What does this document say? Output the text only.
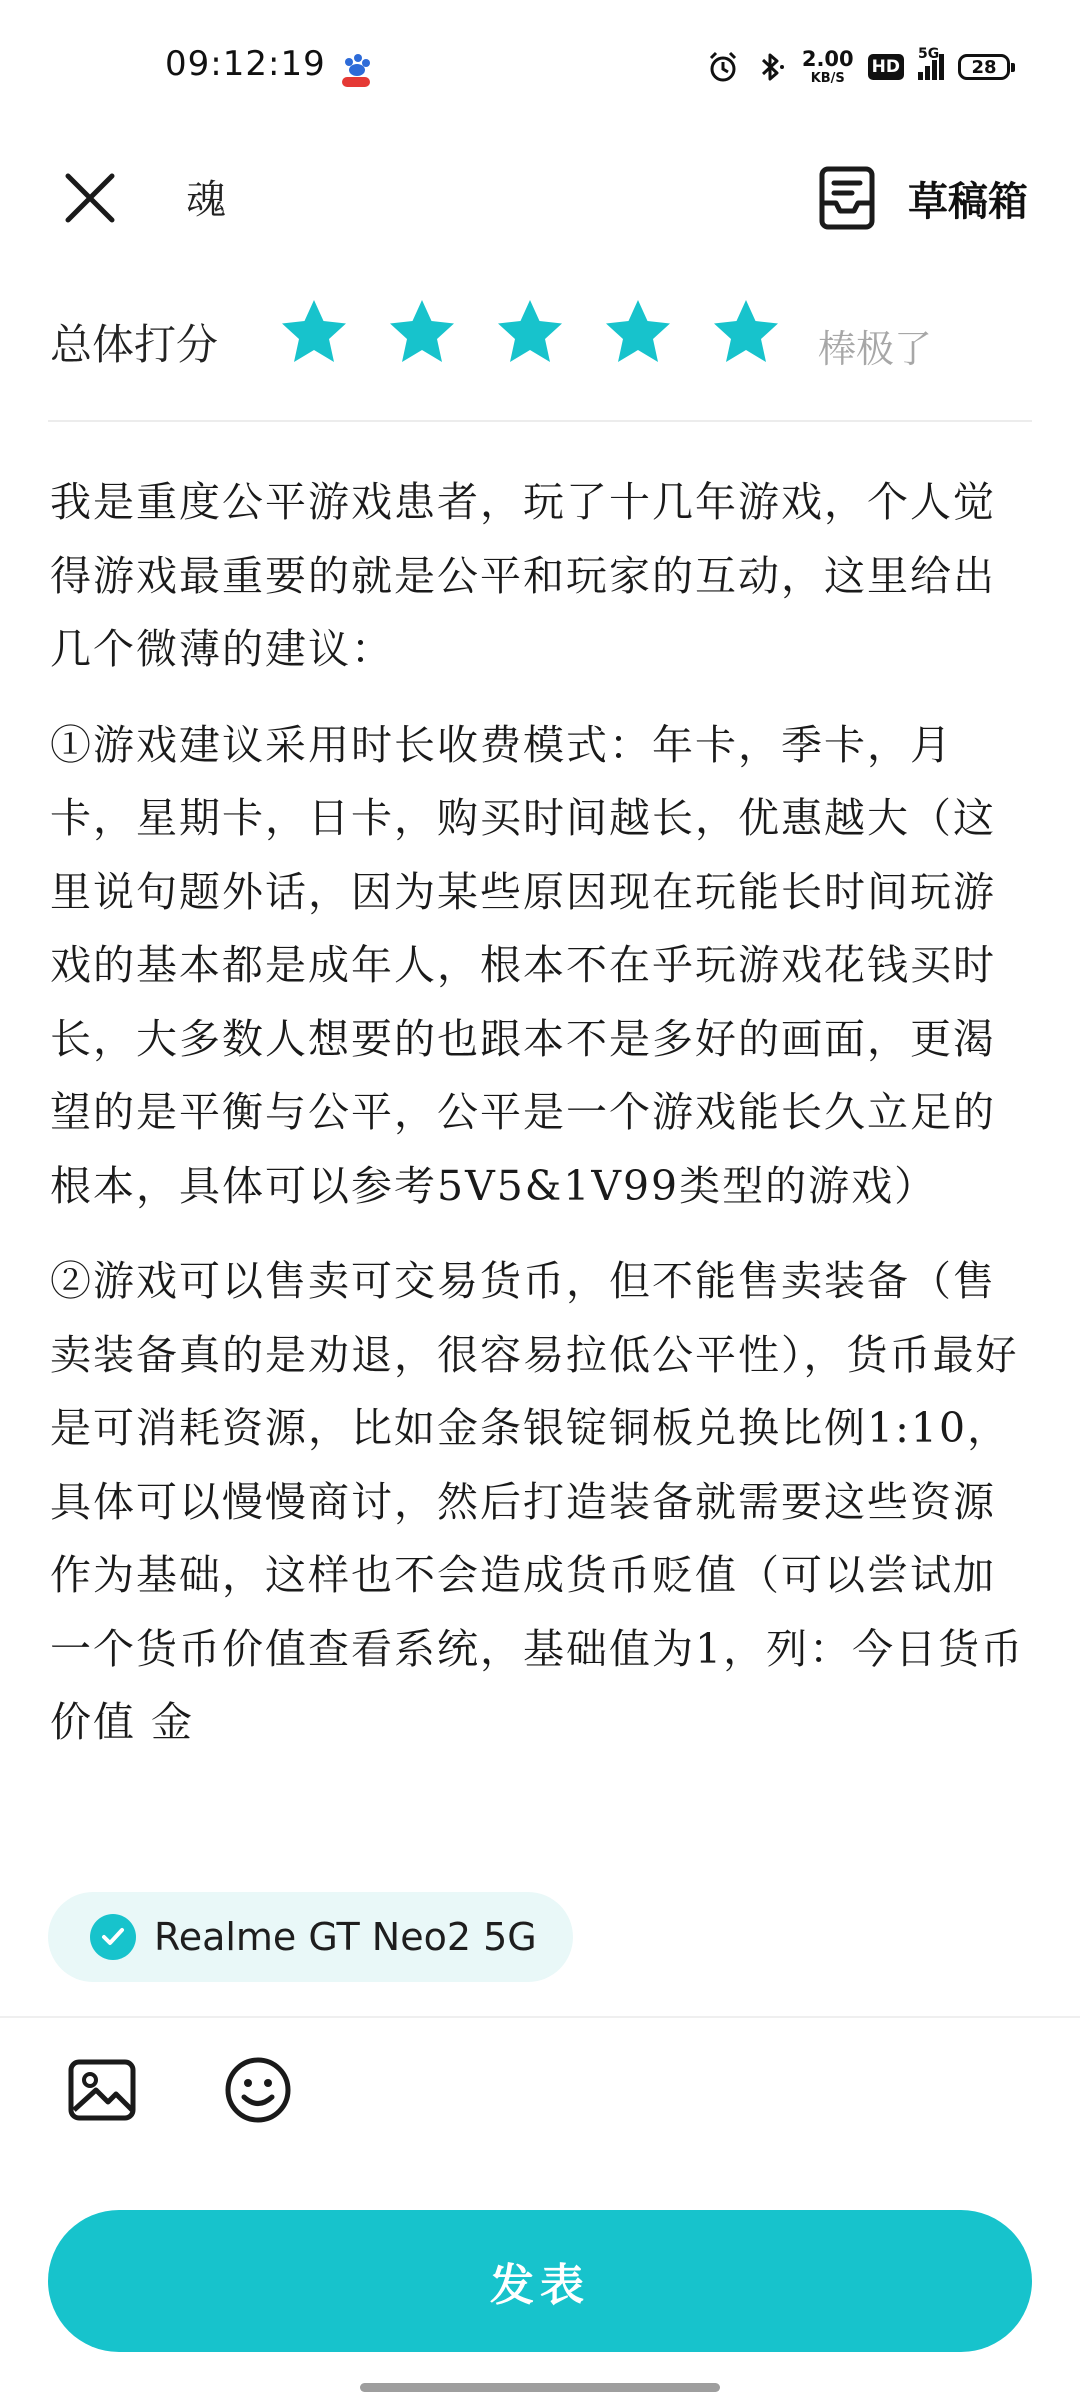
09:12:19	2.00
KB/S
HD
5G
28
魂	草稿箱
总体打分	棒极了

我是重度公平游戏患者，玩了十几年游戏，个人觉得游戏最重要的就是公平和玩家的互动，这里给出几个微薄的建议：

①游戏建议采用时长收费模式：年卡，季卡，月卡，星期卡，日卡，购买时间越长，优惠越大（这里说句题外话，因为某些原因现在玩能长时间玩游戏的基本都是成年人，根本不在乎玩游戏花钱买时长，大多数人想要的也跟本不是多好的画面，更渴望的是平衡与公平，公平是一个游戏能长久立足的根本，具体可以参考5V5&1V99类型的游戏）

②游戏可以售卖可交易货币，但不能售卖装备（售卖装备真的是劝退，很容易拉低公平性），货币最好是可消耗资源，比如金条银锭铜板兑换比例1:10，具体可以慢慢商讨，然后打造装备就需要这些资源作为基础，这样也不会造成货币贬值（可以尝试加一个货币价值查看系统，基础值为1，列：今日货币价值 金

Realme GT Neo2 5G
发表
